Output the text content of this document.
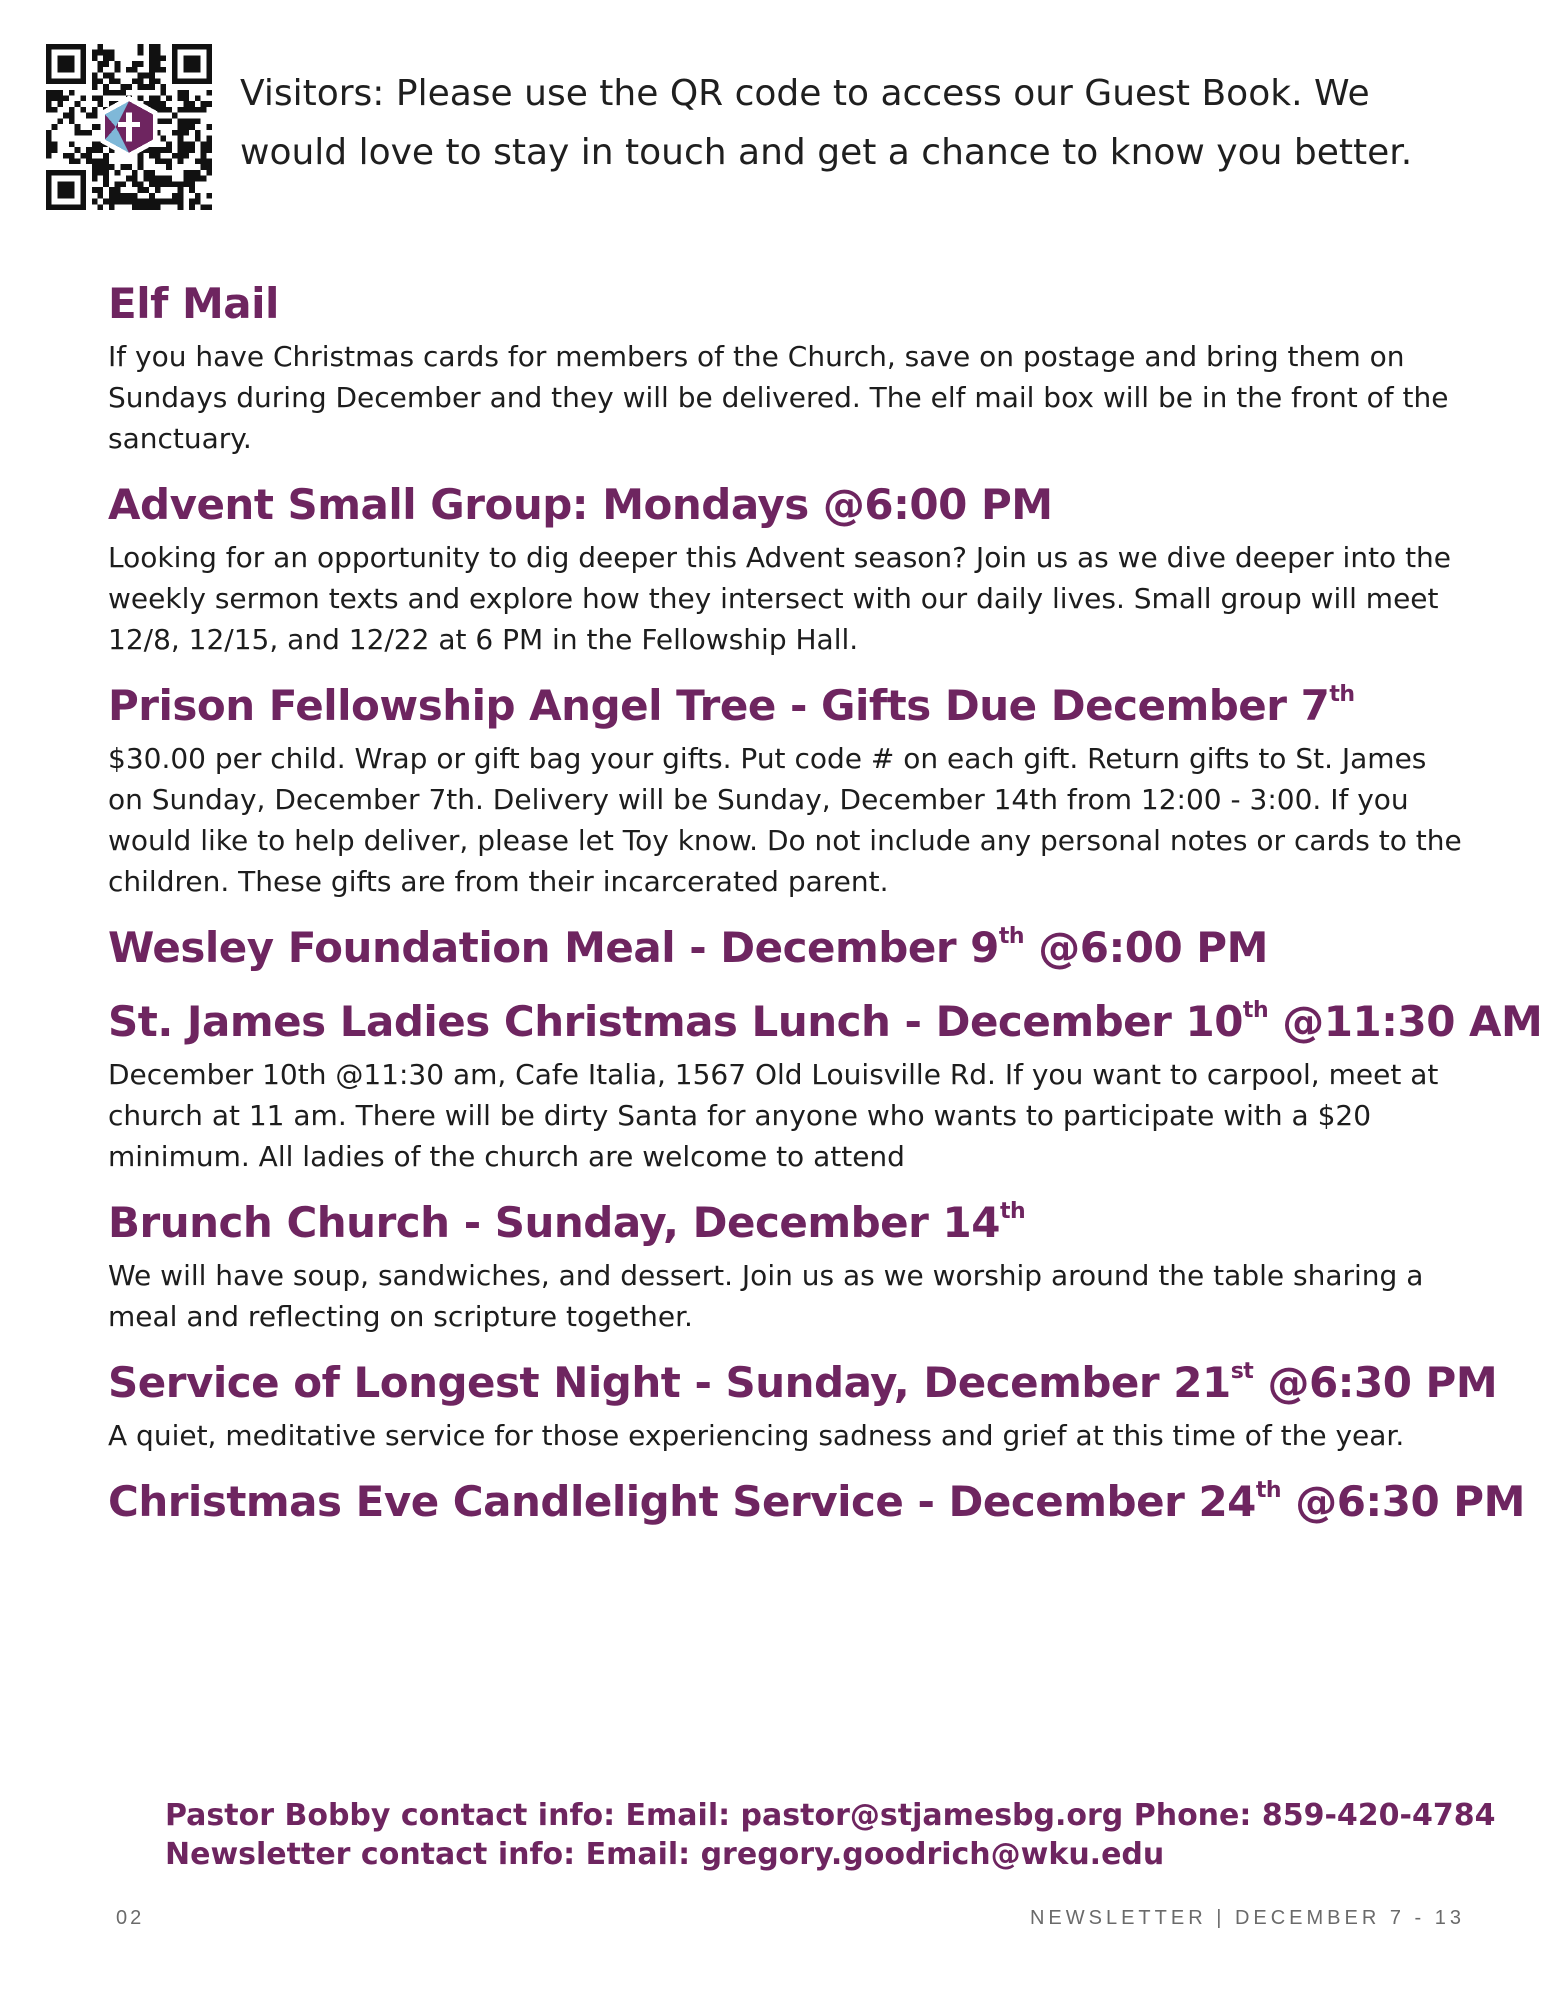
Visitors: Please use the QR code to access our Guest Book. We would love to stay in touch and get a chance to know you better.

Elf Mail

If you have Christmas cards for members of the Church, save on postage and bring them on Sundays during December and they will be delivered. The elf mail box will be in the front of the sanctuary.

Advent Small Group: Mondays @6:00 PM

Looking for an opportunity to dig deeper this Advent season? Join us as we dive deeper into the weekly sermon texts and explore how they intersect with our daily lives. Small group will meet 12/8, 12/15, and 12/22 at 6 PM in the Fellowship Hall.

Prison Fellowship Angel Tree - Gifts Due December 7th

$30.00 per child. Wrap or gift bag your gifts. Put code # on each gift. Return gifts to St. James on Sunday, December 7th. Delivery will be Sunday, December 14th from 12:00 - 3:00. If you would like to help deliver, please let Toy know. Do not include any personal notes or cards to the children. These gifts are from their incarcerated parent.

Wesley Foundation Meal - December 9th @6:00 PM
St. James Ladies Christmas Lunch - December 10th @11:30 AM

December 10th @11:30 am, Cafe Italia, 1567 Old Louisville Rd. If you want to carpool, meet at church at 11 am. There will be dirty Santa for anyone who wants to participate with a $20 minimum. All ladies of the church are welcome to attend

Brunch Church - Sunday, December 14th

We will have soup, sandwiches, and dessert. Join us as we worship around the table sharing a meal and reflecting on scripture together.

Service of Longest Night - Sunday, December 21st @6:30 PM

A quiet, meditative service for those experiencing sadness and grief at this time of the year.

Christmas Eve Candlelight Service - December 24th @6:30 PM
Pastor Bobby contact info: Email: pastor@stjamesbg.org Phone: 859-420-4784
Newsletter contact info: Email: gregory.goodrich@wku.edu
02	NEWSLETTER | DECEMBER 7 - 13
